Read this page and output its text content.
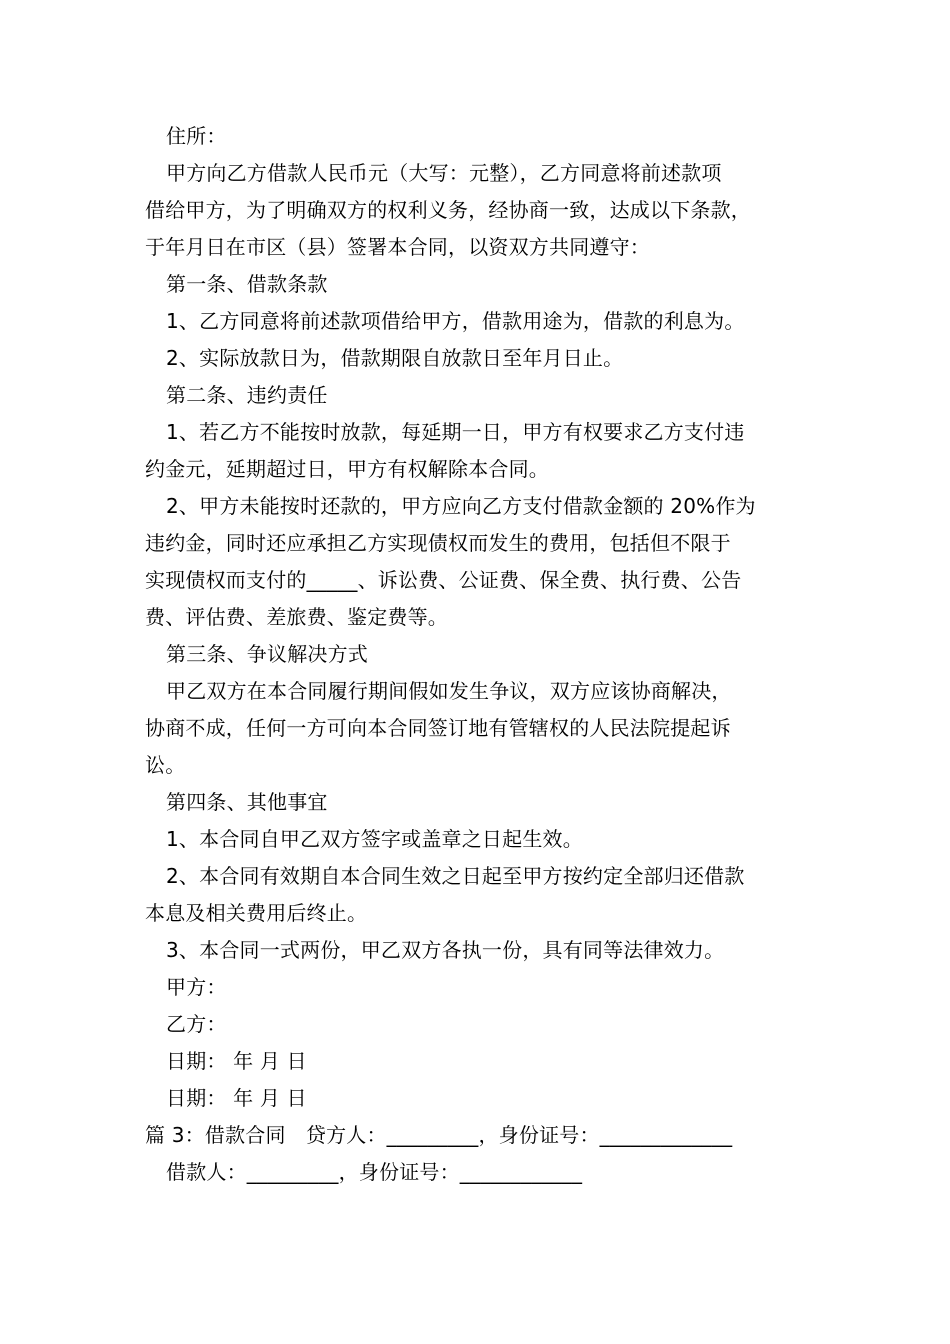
住所：
甲方向乙方借款人民币元（大写：元整），乙方同意将前述款项
借给甲方，为了明确双方的权利义务，经协商一致，达成以下条款，
于年月日在市区（县）签署本合同，以资双方共同遵守：
第一条、借款条款
1、乙方同意将前述款项借给甲方，借款用途为，借款的利息为。
2、实际放款日为，借款期限自放款日至年月日止。
第二条、违约责任
1、若乙方不能按时放款，每延期一日，甲方有权要求乙方支付违
约金元，延期超过日，甲方有权解除本合同。
2、甲方未能按时还款的，甲方应向乙方支付借款金额的 20%作为
违约金，同时还应承担乙方实现债权而发生的费用，包括但不限于
实现债权而支付的_____、诉讼费、公证费、保全费、执行费、公告
费、评估费、差旅费、鉴定费等。
第三条、争议解决方式
甲乙双方在本合同履行期间假如发生争议，双方应该协商解决，
协商不成，任何一方可向本合同签订地有管辖权的人民法院提起诉
讼。
第四条、其他事宜
1、本合同自甲乙双方签字或盖章之日起生效。
2、本合同有效期自本合同生效之日起至甲方按约定全部归还借款
本息及相关费用后终止。
3、本合同一式两份，甲乙双方各执一份，具有同等法律效力。
甲方：
乙方：
日期： 年 月 日
日期： 年 月 日
篇 3：借款合同　贷方人：_________，身份证号：_____________
借款人：_________，身份证号：____________
